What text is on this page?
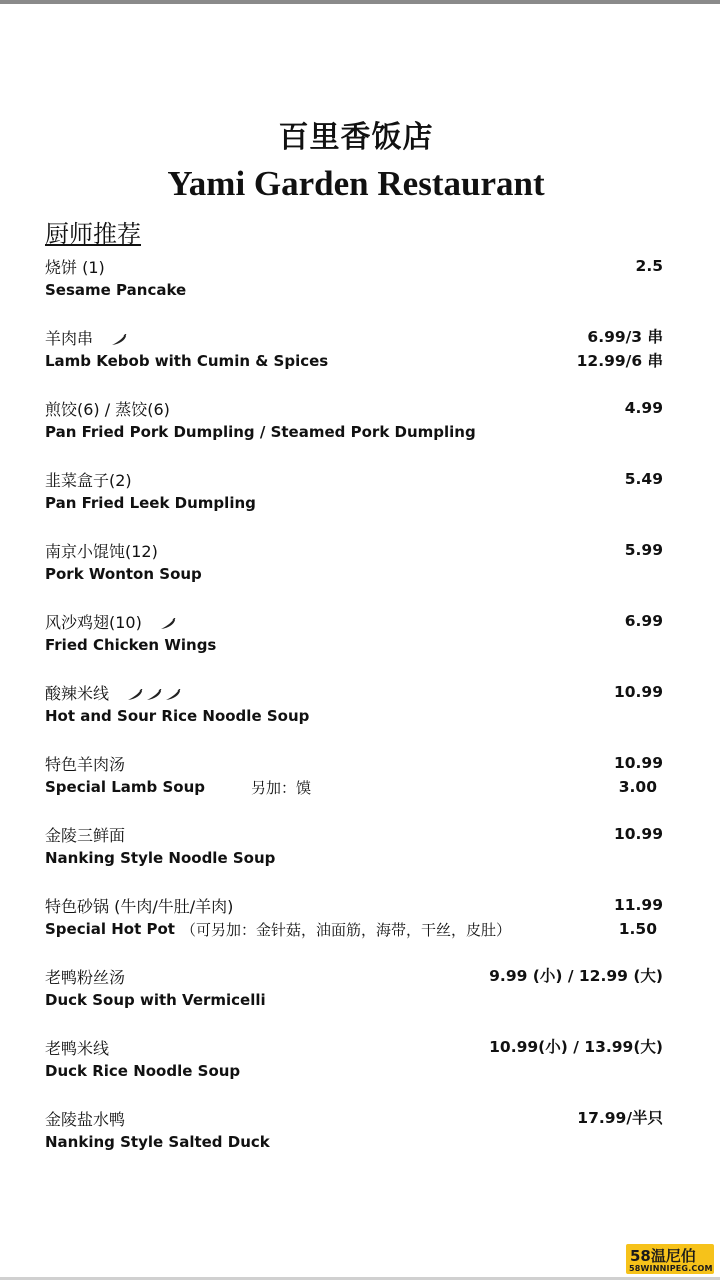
百里香饭店
Yami Garden Restaurant
厨师推荐
烧饼 (1)
Sesame Pancake
2.5
羊肉串
Lamb Kebob with Cumin & Spices
6.99/3 串
12.99/6 串
煎饺(6) / 蒸饺(6)
Pan Fried Pork Dumpling / Steamed Pork Dumpling
4.99
韭菜盒子(2)
Pan Fried Leek Dumpling
5.49
南京小馄饨(12)
Pork Wonton Soup
5.99
风沙鸡翅(10)
Fried Chicken Wings
6.99
酸辣米线
Hot and Sour Rice Noodle Soup
10.99
特色羊肉汤
Special Lamb Soup	另加：馍
10.99
3.00
金陵三鲜面
Nanking Style Noodle Soup
10.99
特色砂锅 (牛肉/牛肚/羊肉)
Special Hot Pot （可另加：金针菇，油面筋，海带，干丝，皮肚）
11.99
1.50
老鸭粉丝汤
Duck Soup with Vermicelli
9.99 (小) / 12.99 (大)
老鸭米线
Duck Rice Noodle Soup
10.99(小) / 13.99(大)
金陵盐水鸭
Nanking Style Salted Duck
17.99/半只
58温尼伯
58WINNIPEG.COM
